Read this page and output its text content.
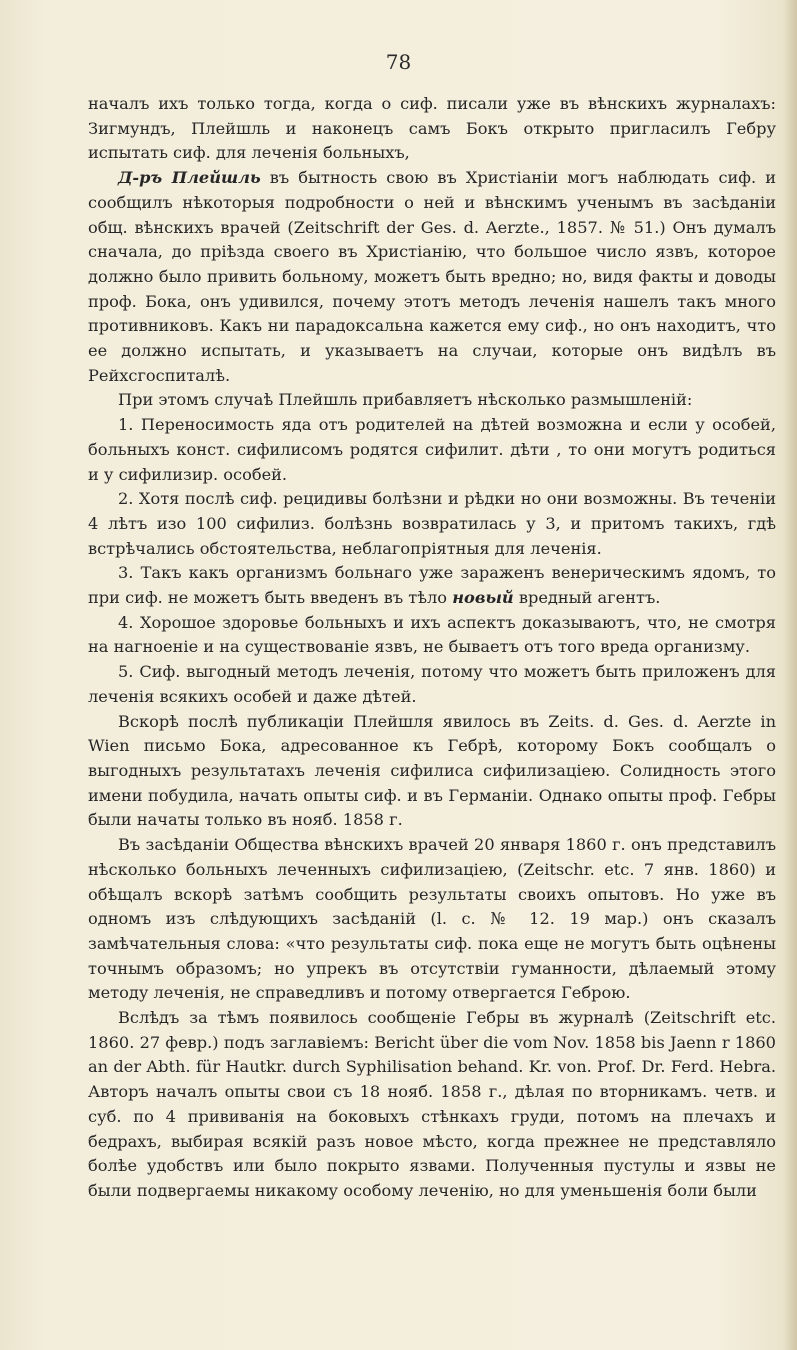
78

началъ ихъ только тогда, когда о сиф. писали уже въ вѣнскихъ журналахъ: Зигмундъ, Плейшль и наконецъ самъ Бокъ открыто пригласилъ Гебру испытать сиф. для леченія больныхъ,

Д-ръ Плейшль въ бытность свою въ Христіаніи могъ наблюдать сиф. и сообщилъ нѣкоторыя подробности о ней и вѣнскимъ ученымъ въ засѣданіи общ. вѣнскихъ врачей (Zeitschrift der Ges. d. Aerzte., 1857. № 51.) Онъ думалъ сначала, до пріѣзда своего въ Христіанію, что большое число язвъ, которое должно было привить больному, можетъ быть вредно; но, видя факты и доводы проф. Бока, онъ удивился, почему этотъ методъ леченія нашелъ такъ много противниковъ. Какъ ни парадоксальна кажется ему сиф., но онъ находитъ, что ее должно испытать, и указываетъ на случаи, которые онъ видѣлъ въ Рейхсгоспиталѣ.

При этомъ случаѣ Плейшль прибавляетъ нѣсколько размышленій:

1. Переносимость яда отъ родителей на дѣтей возможна и если у особей, больныхъ конст. сифилисомъ родятся сифилит. дѣти , то они могутъ родиться и у сифилизир. особей.

2. Хотя послѣ сиф. рецидивы болѣзни и рѣдки но они возможны. Въ теченіи 4 лѣтъ изо 100 сифилиз. болѣзнь возвратилась у 3, и притомъ такихъ, гдѣ встрѣчались обстоятельства, неблагопріятныя для леченія.

3. Такъ какъ организмъ больнаго уже зараженъ венерическимъ ядомъ, то при сиф. не можетъ быть введенъ въ тѣло новый вредный агентъ.

4. Хорошое здоровье больныхъ и ихъ аспектъ доказываютъ, что, не смотря на нагноеніе и на существованіе язвъ, не бываетъ отъ того вреда организму.

5. Сиф. выгодный методъ леченія, потому что можетъ быть приложенъ для леченія всякихъ особей и даже дѣтей.

Вскорѣ послѣ публикаціи Плейшля явилось въ Zeits. d. Ges. d. Aerzte in Wien письмо Бока, адресованное къ Гебрѣ, которому Бокъ сообщалъ о выгодныхъ результатахъ леченія сифилиса сифилизаціею. Солидность этого имени побудила, начать опыты сиф. и въ Германіи. Однако опыты проф. Гебры были начаты только въ нояб. 1858 г.

Въ засѣданіи Общества вѣнскихъ врачей 20 января 1860 г. онъ представилъ нѣсколько больныхъ леченныхъ сифилизаціею, (Zeitschr. etc. 7 янв. 1860) и обѣщалъ вскорѣ затѣмъ сообщить результаты своихъ опытовъ. Но уже въ одномъ изъ слѣдующихъ засѣданій (l. c. № 12. 19 мар.) онъ сказалъ замѣчательныя слова: «что результаты сиф. пока еще не могутъ быть оцѣнены точнымъ образомъ; но упрекъ въ отсутствіи гуманности, дѣлаемый этому методу леченія, не справедливъ и потому отвергается Геброю.

Вслѣдъ за тѣмъ появилось сообщеніе Гебры въ журналѣ (Zeitschrift etc. 1860. 27 февр.) подъ заглавіемъ: Bericht über die vom Nov. 1858 bis Jaenn r 1860 an der Abth. für Hautkr. durch Syphilisation behand. Kr. von. Prof. Dr. Ferd. Hebra. Авторъ началъ опыты свои съ 18 нояб. 1858 г., дѣлая по вторникамъ. четв. и суб. по 4 прививанія на боковыхъ стѣнкахъ груди, потомъ на плечахъ и бедрахъ, выбирая всякій разъ новое мѣсто, когда прежнее не представляло болѣе удобствъ или было покрыто язвами. Полученныя пустулы и язвы не были подвергаемы никакому особому леченію, но для уменьшенія боли были
